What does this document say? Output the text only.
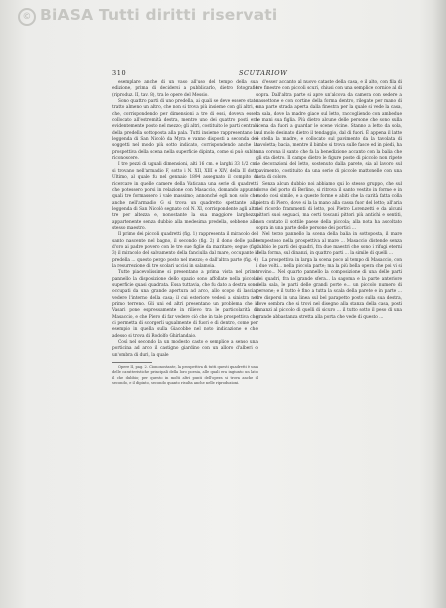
© BiASA Tutti diritti riservati
310	SCUTARIOW

esemplare anche di un vaso all'uso del tempo della sua edizione, prima di decidersi a pubblicarlo, dietro fotografie (riproduz. II, tav. 8), tra le opere del Messio.

Sono quattro parti di uno predella, ai quali se deve essere stato tratto almeno un altro, che non si trova più insieme con gli altri, e che, corrispondendo per dimensioni a tre di essi, doveva esser collocato all'estremità destra, mentre uno dei quattro posti era evidentemente posto nel mezzo; gli altri, costituito le parti centrali della predella sottoposta alla pala. Tutti insieme rappresentano la leggenda di San Nicolò da Myra e vanno disposti a seconda dei soggetti nel modo più sotto indicato, corrispondendo anche la prospettiva della scena nella superficie dipinta, come si può subito riconoscere.

I tre pezzi di uguali dimensioni, alti 16 cm. e larghi 33 1/2 cm. si trovano nell'armadio F, sotto i N. XII, XIII e XIV, della II dott. Ultimo, al quale fu nel gennaio 1894 assegnato il compito di ricercare in quelle camere della Vaticana una serie di quadretti che potessero porsi in relazione con Masaccio, domando appunto quali tre formassero i vale massimo; annonché egli non solo che anche nell'armadio G si trova un quadretto spettante alla leggenda di San Nicolò segnato col N. XI, corrispondente agli altri tre per altezza e, nonostante la sua maggiore larghezza appartenente senza dubbio alla medesima predella, sebbene allo stesso maestro.

Il primo dei piccoli quadretti (fig. 1) rappresenta il miracolo del santo nascente nel bagno, il secondo (fig. 2) il dono delle palle d'oro ai padre povero con le tre sue figlie da maritare; segue (fig. 3) il miracolo del salvamento della fanciulla dal mare, occupante il predella ... questo pergo posto nel mezzo; e dall'altra parte (fig. 4) la resurrezione di tre scolari uccisi in salamoia.

Tutte piacevolissime si presentano a prima vista nel primo pannello la disposizione dello spazio sono affollate nella piccola superficie quasi quadrata. Essa tuttavia, che fu dato a destra sono occupati da una grande apertura ad arco, allo scopo di lasciar vedere l'interno della casa; il cui esteriore vedesi a sinistra nel primo terreno. Gli uni ed altri presentano un problema che il Vasari pone espressamente in rilievo tra le particolarità di Masaccio, e che Piero di far vedere ciò che in tale prospettiva che ci permetta di scorgerli ugualmente di fuori e di dentro, come per esempio in quella sulla Giacobbe nel noto indicazione e che adesso si trova di Rodolfo Ghirlandaio.

Così nel secondo la un modesto casto e semplice a senso una porticina ad arco il castigno giardino con un alloro d'alberi o un'ombra di duri, la quale

Opere II, pag. 2. Ciononostante, la prospettiva di tutti questi quadretti è una delle caratteristiche principali della loro poesia, alle quali era ingiunto un lato il che dubbio; per questo in molti altri punti dell'opera si trova anche il secondo, e il dipinto, secondo quanto risulta anche nelle riproduzioni.

d'esser accanto al nuovo cataste della casa, e il alto, con fila di tre finestre con piccoli scuri, chiusi con una semplice cornice al di sopra. Dall'altra parte si apre un'alcova da camera con sedere a cassettone e con cortine della forma dentro, rilegate per mano di una parte strada aperta dalla finestra per la quale si vede la casa, la sala, dove la madre giace sul letto, raccogliendo con ambedue le mani sua figlia. Più dietro alcune delle persone che sono sulla scena da fuori a guardar le scene vicine. Stanno a letto da sola, sul molo desinato dietro il tendaggio, dal di fuori. È appena il latte è stella la madre, e collocato sul pavimento da la tavolata di tavoletta; bacia, mentre il bimbo si trova sulle fasce ed in piedi, ha una corona il santo che fa la benedizione accanto con la balia che gli sta dietro. Il campo dietro le figure poste di piccolo non ripete le decorazioni del letto, sostenuto dalla parete, sia al lavoro sul pavimento, costituito da una serie di piccole mattonelle con una nota di colore.

Senza alcun dubbio noi abbiamo qui lo stesso gruppo, che sul dorso del porto di Berlino, si ritrova il santo vestito in forme e in modo così simile, e a queste forme e abiti che la carità fatta colla pietra di Piero, dove si la la mano alla cassa fuor del letto; all'aria nel ricordo frammenti di letto, poi Pietro Lorenzetti e da alcuni pittori suoi seguaci, ma certi toscani pittori più antichi e sentiti, non contato il sottile paese della piccola; alla nota ha ascoltato sopra in una parte delle persone dei portici ...

Nel terzo pannello la scena della balia in sottoposta, il mare tempestoso nella prospettiva al mare ... Masaccio distende senza dubbio le parti dei quadri, fra due maestri che sono i rifugi eterni della forma, sul dinanzi, in quattro parti ... la simile di quelli ...

La prospettiva in larga la scena poco al tempo di Masaccio, con i due volti... nella piccola parte; ma la più bella opera che poi vi si trovino... Nel quarto pannello la composizione di una delle parti dei quadri, fra la grande sfera... la sagoma e la parte anteriore della sala, le parti delle grandi porte e... un piccolo numero di persone; e il tutto è fino a tutta la scala della parete e in parte ... tre dispersi in una linea sul bel parapetto posto sulla sua destra, dove sembra che si trovi nel disegno alla stanza della casa, posti innanzi al piccolo di quelli di sicuro ... il tutto sotto il peso di una grande abbastanza stretta alla porta che vede di questo ...
